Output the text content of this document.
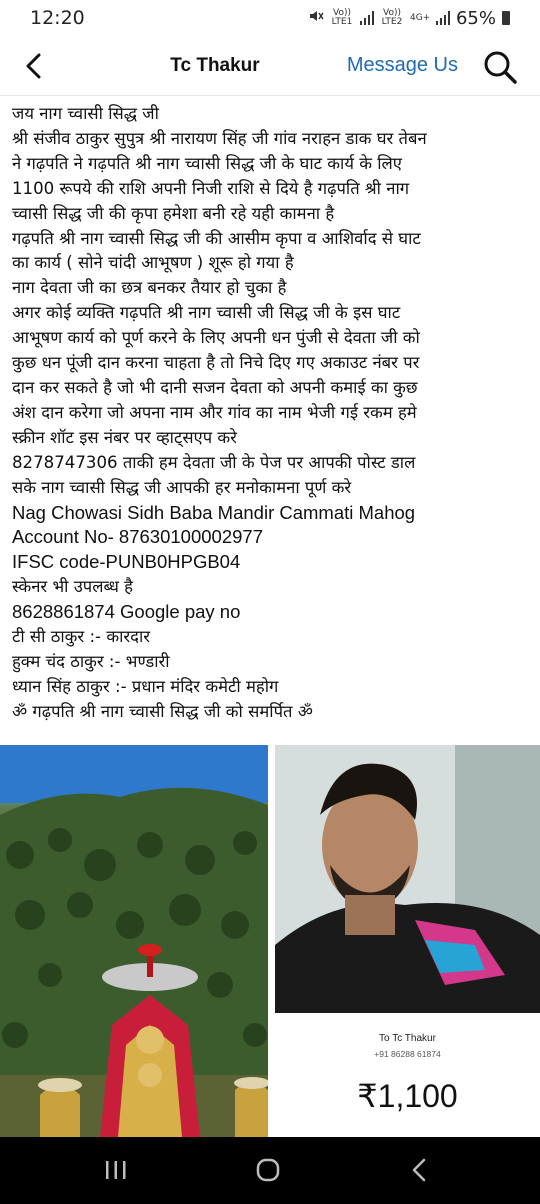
12:20	Vo)) LTE1
Vo)) LTE2 4G+ 65%
Tc Thakur	Message Us
जय नाग च्वासी सिद्ध जी
श्री संजीव ठाकुर सुपुत्र श्री नारायण सिंह जी गांव नराहन डाक घर तेबन
ने गढ़पति ने गढ़पति श्री नाग च्वासी सिद्ध जी के घाट कार्य के लिए
1100 रूपये की राशि अपनी निजी राशि से दिये है गढ़पति श्री नाग
च्वासी सिद्ध जी की कृपा हमेशा बनी रहे यही कामना है
गढ़पति श्री नाग च्वासी सिद्ध जी की आसीम कृपा व आशिर्वाद से घाट
का कार्य ( सोने चांदी आभूषण ) शूरू हो गया है
नाग देवता जी का छत्र बनकर तैयार हो चुका है
अगर कोई व्यक्ति गढ़पति श्री नाग च्वासी जी सिद्ध जी के इस घाट
आभूषण कार्य को पूर्ण करने के लिए अपनी धन पुंजी से देवता जी को
कुछ धन पूंजी दान करना चाहता है तो निचे दिए गए अकाउट नंबर पर
दान कर सकते है जो भी दानी सजन देवता को अपनी कमाई का कुछ
अंश दान करेगा जो अपना नाम और गांव का नाम भेजी गई रकम हमे
स्क्रीन शॉट इस नंबर पर व्हाट्सएप करे
8278747306 ताकी हम देवता जी के पेज पर आपकी पोस्ट डाल
सके नाग च्वासी सिद्ध जी आपकी हर मनोकामना पूर्ण करे
Nag Chowasi Sidh Baba Mandir Cammati Mahog
Account No- 87630100002977
IFSC code-PUNB0HPGB04
स्केनर भी उपलब्ध है
8628861874 Google pay no
टी सी ठाकुर :- कारदार
हुक्म चंद ठाकुर :- भण्डारी
ध्यान सिंह ठाकुर :- प्रधान मंदिर कमेटी महोग
ॐ गढ़पति श्री नाग च्वासी सिद्ध जी को समर्पित ॐ
To Tc Thakur
+91 86288 61874
₹1,100
